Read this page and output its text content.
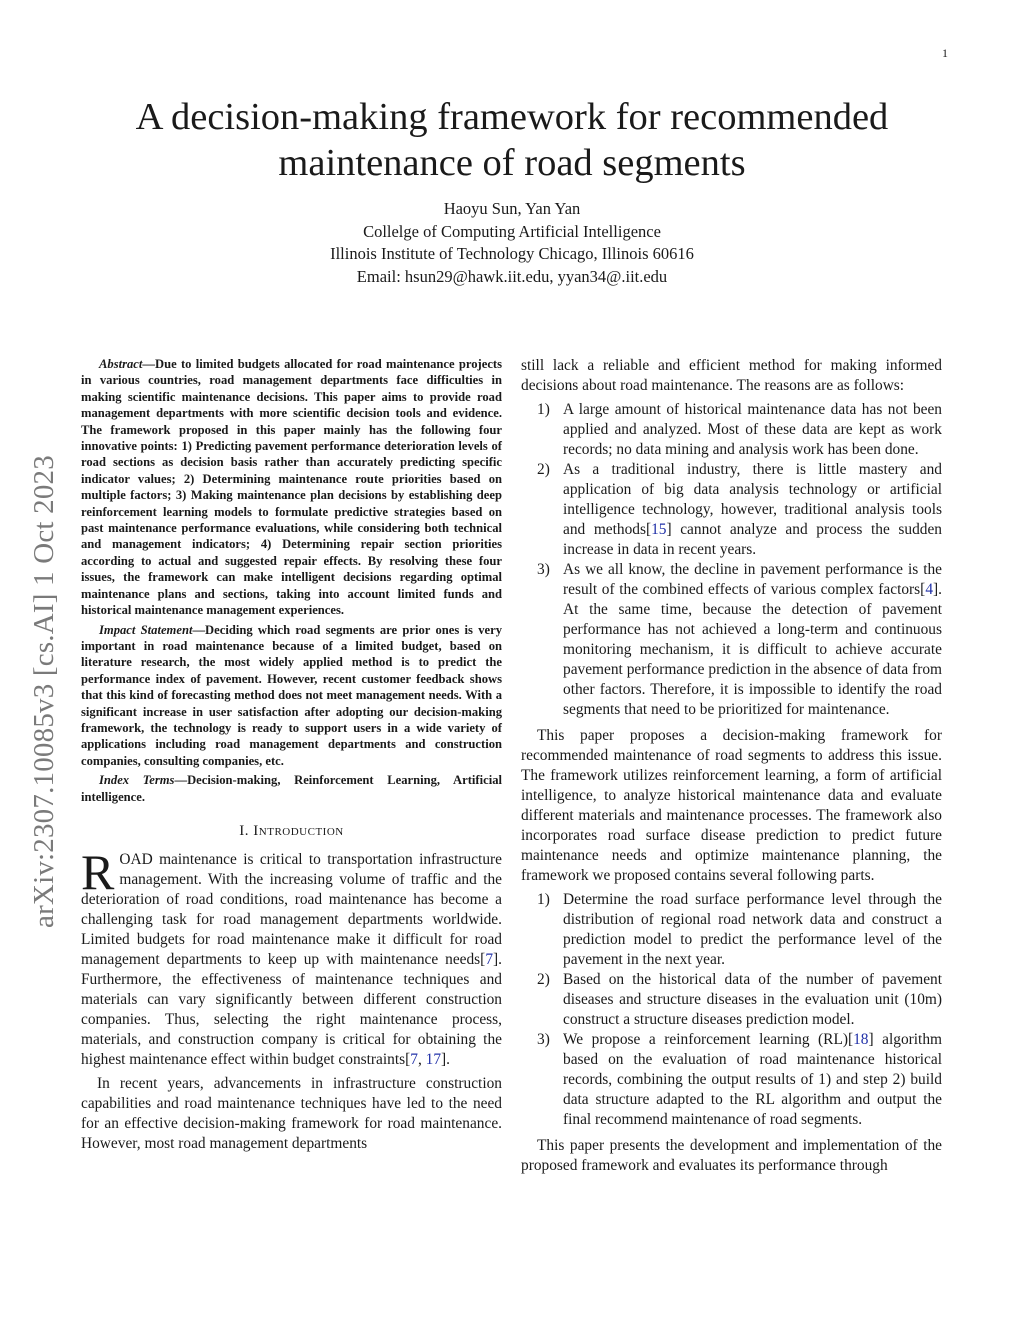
1
A decision-making framework for recommended
maintenance of road segments
Haoyu Sun, Yan Yan
Collelge of Computing Artificial Intelligence
Illinois Institute of Technology Chicago, Illinois 60616
Email: hsun29@hawk.iit.edu, yyan34@.iit.edu
arXiv:2307.10085v3 [cs.AI] 1 Oct 2023

Abstract—Due to limited budgets allocated for road maintenance projects in various countries, road management departments face difficulties in making scientific maintenance decisions. This paper aims to provide road management departments with more scientific decision tools and evidence. The framework proposed in this paper mainly has the following four innovative points: 1) Predicting pavement performance deterioration levels of road sections as decision basis rather than accurately predicting specific indicator values; 2) Determining maintenance route priorities based on multiple factors; 3) Making maintenance plan decisions by establishing deep reinforcement learning models to formulate predictive strategies based on past maintenance performance evaluations, while considering both technical and management indicators; 4) Determining repair section priorities according to actual and suggested repair effects. By resolving these four issues, the framework can make intelligent decisions regarding optimal maintenance plans and sections, taking into account limited funds and historical maintenance management experiences.

Impact Statement—Deciding which road segments are prior ones is very important in road maintenance because of a limited budget, based on literature research, the most widely applied method is to predict the performance index of pavement. However, recent customer feedback shows that this kind of forecasting method does not meet management needs. With a significant increase in user satisfaction after adopting our decision-making framework, the technology is ready to support users in a wide variety of applications including road management departments and construction companies, consulting companies, etc.

Index Terms—Decision-making, Reinforcement Learning, Artificial intelligence.

I. Introduction

ROAD maintenance is critical to transportation infrastructure management. With the increasing volume of traffic and the deterioration of road conditions, road maintenance has become a challenging task for road management departments worldwide. Limited budgets for road maintenance make it difficult for road management departments to keep up with maintenance needs[7]. Furthermore, the effectiveness of maintenance techniques and materials can vary significantly between different construction companies. Thus, selecting the right maintenance process, materials, and construction company is critical for obtaining the highest maintenance effect within budget constraints[7, 17].

In recent years, advancements in infrastructure construction capabilities and road maintenance techniques have led to the need for an effective decision-making framework for road maintenance. However, most road management departments

still lack a reliable and efficient method for making informed decisions about road maintenance. The reasons are as follows:

1) A large amount of historical maintenance data has not been applied and analyzed. Most of these data are kept as work records; no data mining and analysis work has been done.
2) As a traditional industry, there is little mastery and application of big data analysis technology or artificial intelligence technology, however, traditional analysis tools and methods[15] cannot analyze and process the sudden increase in data in recent years.
3) As we all know, the decline in pavement performance is the result of the combined effects of various complex factors[4]. At the same time, because the detection of pavement performance has not achieved a long-term and continuous monitoring mechanism, it is difficult to achieve accurate pavement performance prediction in the absence of data from other factors. Therefore, it is impossible to identify the road segments that need to be prioritized for maintenance.

This paper proposes a decision-making framework for recommended maintenance of road segments to address this issue. The framework utilizes reinforcement learning, a form of artificial intelligence, to analyze historical maintenance data and evaluate different materials and maintenance processes. The framework also incorporates road surface disease prediction to predict future maintenance needs and optimize maintenance planning, the framework we proposed contains several following parts.

1) Determine the road surface performance level through the distribution of regional road network data and construct a prediction model to predict the performance level of the pavement in the next year.
2) Based on the historical data of the number of pavement diseases and structure diseases in the evaluation unit (10m) construct a structure diseases prediction model.
3) We propose a reinforcement learning (RL)[18] algorithm based on the evaluation of road maintenance historical records, combining the output results of 1) and step 2) build data structure adapted to the RL algorithm and output the final recommend maintenance of road segments.

This paper presents the development and implementation of the proposed framework and evaluates its performance through
